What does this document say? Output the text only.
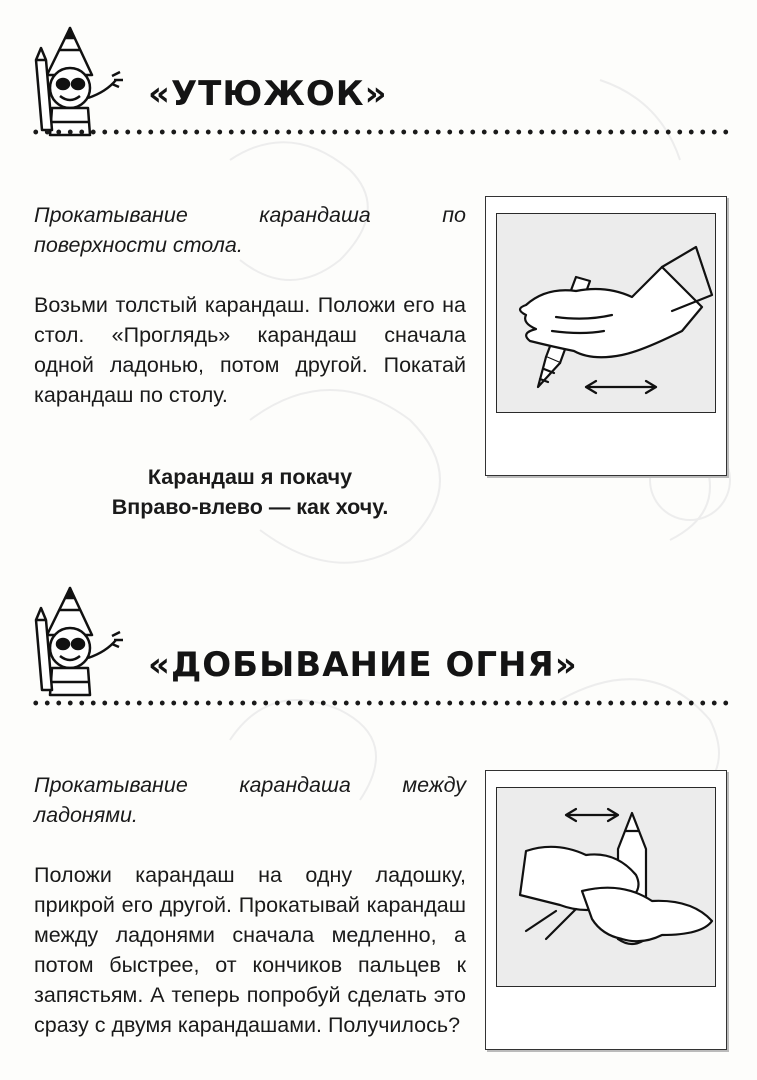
«УТЮЖОК»

Прокатывание карандаша по поверхности стола.

Возьми толстый карандаш. Положи его на стол. «Проглядь» карандаш сначала одной ладонью, потом другой. Покатай карандаш по столу.

Карандаш я покачу
Вправо-влево — как хочу.
«ДОБЫВАНИЕ ОГНЯ»

Прокатывание карандаша между ладонями.

Положи карандаш на одну ладошку, прикрой его другой. Прокатывай карандаш между ладонями сначала медленно, а потом быстрее, от кончиков пальцев к запястьям. А теперь попробуй сделать это сразу с двумя карандашами. Получилось?
